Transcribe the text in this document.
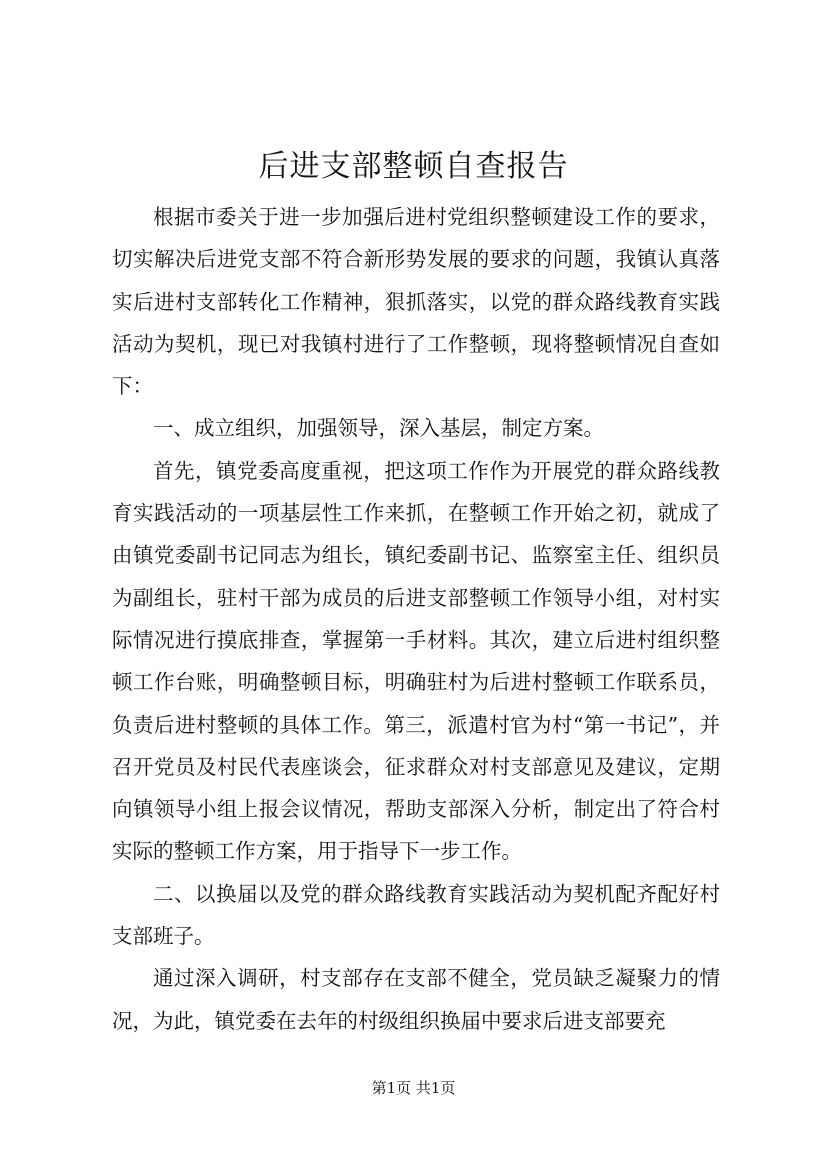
后进支部整顿自查报告

根据市委关于进一步加强后进村党组织整顿建设工作的要求，切实解决后进党支部不符合新形势发展的要求的问题，我镇认真落实后进村支部转化工作精神，狠抓落实，以党的群众路线教育实践活动为契机，现已对我镇村进行了工作整顿，现将整顿情况自查如下：

一、成立组织，加强领导，深入基层，制定方案。

首先，镇党委高度重视，把这项工作作为开展党的群众路线教育实践活动的一项基层性工作来抓，在整顿工作开始之初，就成了由镇党委副书记同志为组长，镇纪委副书记、监察室主任、组织员为副组长，驻村干部为成员的后进支部整顿工作领导小组，对村实际情况进行摸底排查，掌握第一手材料。其次，建立后进村组织整顿工作台账，明确整顿目标，明确驻村为后进村整顿工作联系员，负责后进村整顿的具体工作。第三，派遣村官为村“第一书记”，并召开党员及村民代表座谈会，征求群众对村支部意见及建议，定期向镇领导小组上报会议情况，帮助支部深入分析，制定出了符合村实际的整顿工作方案，用于指导下一步工作。

二、以换届以及党的群众路线教育实践活动为契机配齐配好村支部班子。

通过深入调研，村支部存在支部不健全，党员缺乏凝聚力的情况，为此，镇党委在去年的村级组织换届中要求后进支部要充

第1页 共1页
